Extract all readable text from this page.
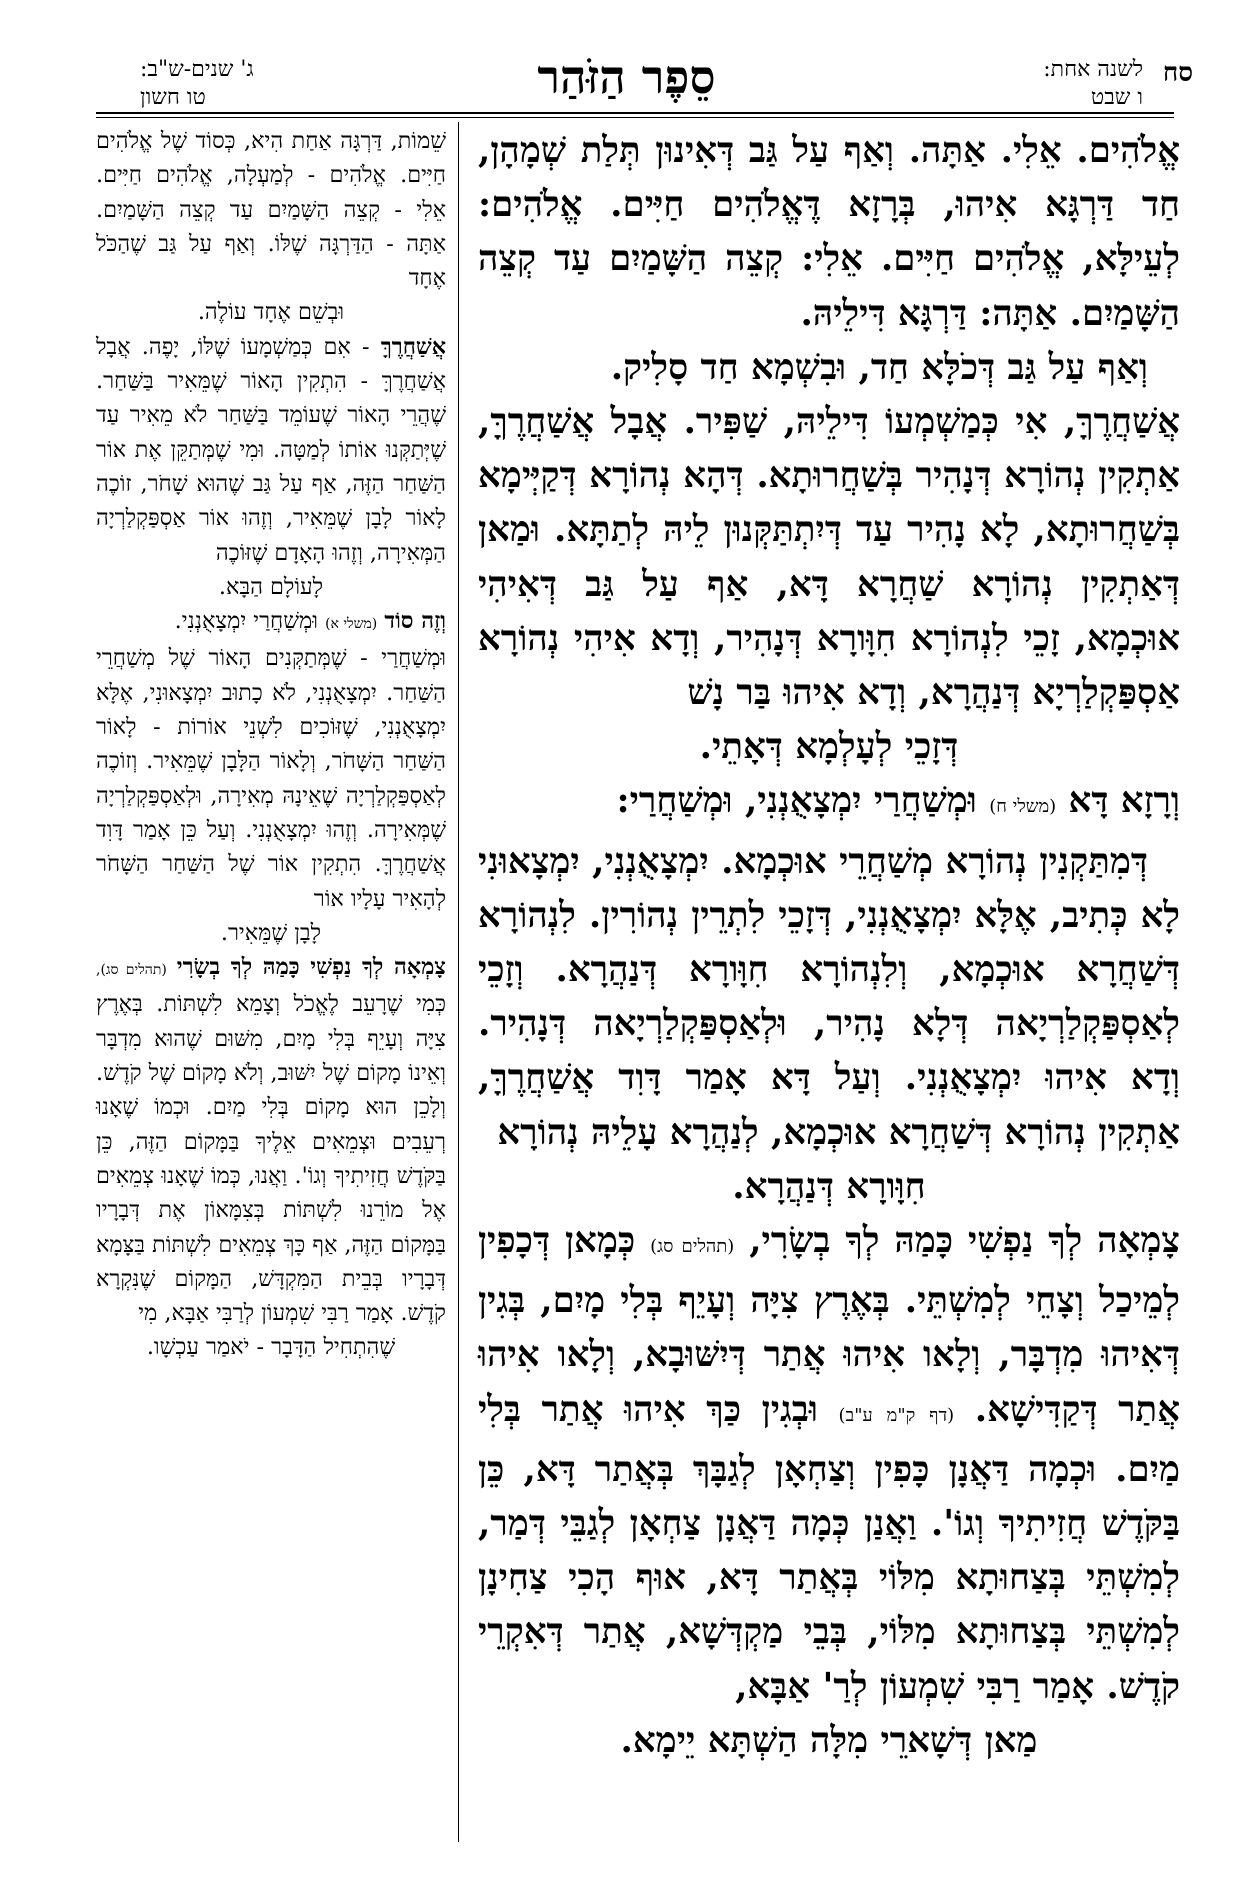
סח
לשנה אחת:
ו שבט
סֵפֶר הַזֹּהַר
ג' שנים-ש"ב:
טו חשון

אֱלֹהִים. אֵלִי. אַתָּה. וְאַף עַל גַּב דְּאִינוּן תְּלַת שְׁמָהָן, חַד דַּרְגָּא אִיהוּ, בְּרָזָא דֶּאֱלֹהִים חַיִּים. אֱלֹהִים: לְעֵילָּא, אֱלֹהִים חַיִּים. אֵלִי: קְצֵה הַשָּׁמַיִם עַד קְצֵה הַשָּׁמַיִם. אַתָּה: דַּרְגָּא דִּילֵיהּ.

וְאַף עַל גַּב דְּכֹלָּא חַד, וּבִשְׁמָא חַד סָלִיק.

אֲשַׁחֲרֶךָּ, אִי כְּמַשְׁמְעוֹ דִּילֵיהּ, שַׁפִּיר. אֲבָל אֲשַׁחֲרֶךָּ, אַתְקִין נְהוֹרָא דְּנָהִיר בְּשַׁחֲרוּתָא. דְּהָא נְהוֹרָא דְּקַיְּימָא בְּשַׁחֲרוּתָא, לָא נָהִיר עַד דְּיִתְתַּקְּנוּן לֵיהּ לְתַתָּא. וּמַאן דְּאַתְקִין נְהוֹרָא שַׁחֲרָא דָּא, אַף עַל גַּב דְּאִיהִי אוּכְמָא, זָכֵי לִנְהוֹרָא חִוָּורָא דְּנָהִיר, וְדָא אִיהִי נְהוֹרָא אַסְפַּקְלַרְיָא דְּנַהֲרָא, וְדָא אִיהוּ בַּר נָשׁ

דְּזָכֵי לְעָלְמָא דְּאָתֵי.

וְרָזָא דָּא (משלי ח) וּמְשַׁחֲרַי יִמְצָאֻנְנִי, וּמְשַׁחֲרַי:

דְּמִתַּקְנִין נְהוֹרָא מְשַׁחֲרֵי אוּכְמָא. יִמְצָאֻנְנִי, יִמְצָאוּנִי לָא כְּתִיב, אֶלָּא יִמְצָאֻנְנִי, דְּזָכֵי לִתְרֵין נְהוֹרִין. לִנְהוֹרָא דְּשַׁחֲרָא אוּכְמָא, וְלִנְהוֹרָא חִוָּורָא דְּנַהֲרָא. וְזָכֵי לְאַסְפַּקְלַרְיָאה דְּלָא נָהִיר, וּלְאַסְפַּקְלַרְיָאה דְּנָהִיר. וְדָא אִיהוּ יִמְצָאֻנְנִי. וְעַל דָּא אָמַר דָּוִד אֲשַׁחֲרֶךָּ, אַתְקִין נְהוֹרָא דְּשַׁחֲרָא אוּכְמָא, לְנַהֲרָא עָלֵיהּ נְהוֹרָא

חִוָּורָא דְּנַהֲרָא.

צָמְאָה לְךָ נַפְשִׁי כָּמַהּ לְךָ בְשָׂרִי, (תהלים סג) כְּמָאן דְּכָפִין לְמֵיכַל וְצָחֵי לְמִשְׁתֵּי. בְּאֶרֶץ צִיָּה וְעָיֵף בְּלִי מָיִם, בְּגִין דְּאִיהוּ מִדְבָּר, וְלָאו אִיהוּ אֲתַר דְּיִשּׁוּבָא, וְלָאו אִיהוּ אֲתַר דְּקַדִּישָׁא. (דף ק"מ ע"ב) וּבְגִין כַּךְ אִיהוּ אֲתַר בְּלִי מַיִם. וּכְמָה דַּאֲנָן כָּפִין וְצַחְאָן לְגַבָּךְ בְּאֲתַר דָּא, כֵּן בַּקֹּדֶשׁ חֲזִיתִיךָ וְגוֹ'. וַאֲנַן כְּמָה דַּאֲנָן צַחְאָן לְגַבֵּי דְּמַר, לְמִשְׁתֵּי בְּצַחוּתָא מִלּוֹי בְּאֲתַר דָּא, אוּף הָכִי צַחִינָן לְמִשְׁתֵּי בְּצַחוּתָא מִלּוֹי, בְּבֵי מַקְדְּשָׁא, אֲתַר דְּאִקְרֵי קֹדֶשׁ. אָמַר רַבִּי שִׁמְעוֹן לְרַ' אַבָּא,

מַאן דְּשָׁארֵי מִלָּה הַשְׁתָּא יֵימָא.

שֵׁמוֹת, דַּרְגָּה אַחַת הִיא, כְּסוֹד שֶׁל אֱלֹהִים חַיִּים. אֱלֹהִים - לְמַעְלָה, אֱלֹהִים חַיִּים. אֵלִי - קְצֵה הַשָּׁמַיִם עַד קְצֵה הַשָּׁמַיִם. אַתָּה - הַדַּרְגָּה שֶׁלּוֹ. וְאַף עַל גַּב שֶׁהַכֹּל אֶחָד

וּבְשֵׁם אֶחָד עוֹלֶה.

אֲשַׁחֲרֶךָּ - אִם כְּמַשְׁמָעוֹ שֶׁלּוֹ, יָפֶה. אֲבָל אֲשַׁחֲרֶךָּ - הִתְקִין הָאוֹר שֶׁמֵּאִיר בַּשַּׁחַר. שֶׁהֲרֵי הָאוֹר שֶׁעוֹמֵד בַּשַּׁחַר לֹא מֵאִיר עַד שֶׁיְּתַקְּנוּ אוֹתוֹ לְמַטָּה. וּמִי שֶׁמְּתַקֵּן אֶת אוֹר הַשַּׁחַר הַזֶּה, אַף עַל גַּב שֶׁהוּא שָׁחֹר, זוֹכֶה לָאוֹר לָבָן שֶׁמֵּאִיר, וְזֶהוּ אוֹר אַסְפַּקְלַרְיָה הַמְּאִירָה, וְזֶהוּ הָאָדָם שֶׁזּוֹכֶה

לָעוֹלָם הַבָּא.

וְזֶה סוֹד (משלי א) וּמְשַׁחֲרַי יִמְצָאֻנְנִי.

וּמְשַׁחֲרַי - שֶׁמְּתַקְּנִים הָאוֹר שֶׁל מְשַׁחֲרֵי הַשַּׁחַר. יִמְצָאֻנְנִי, לֹא כָתוּב יִמְצָאוּנִי, אֶלָּא יִמְצָאֻנְנִי, שֶׁזּוֹכִים לִשְׁנֵי אוֹרוֹת - לָאוֹר הַשַּׁחַר הַשָּׁחֹר, וְלָאוֹר הַלָּבָן שֶׁמֵּאִיר. וְזוֹכֶה לְאַסְפַּקְלַרְיָה שֶׁאֵינָהּ מְאִירָה, וּלְאַסְפַּקְלַרְיָה שֶׁמְּאִירָה. וְזֶהוּ יִמְצָאֻנְנִי. וְעַל כֵּן אָמַר דָּוִד אֲשַׁחֲרֶךָּ. הִתְקִין אוֹר שֶׁל הַשַּׁחַר הַשָּׁחֹר לְהָאִיר עָלָיו אוֹר

לָבָן שֶׁמֵּאִיר.

צָמְאָה לְךָ נַפְשִׁי כָּמַהּ לְךָ בְשָׂרִי (תהלים סג), כְּמִי שֶׁרָעֵב לֶאֱכֹל וְצָמֵא לִשְׁתּוֹת. בְּאֶרֶץ צִיָּה וְעָיֵף בְּלִי מָיִם, מִשּׁוּם שֶׁהוּא מִדְבָּר וְאֵינוֹ מָקוֹם שֶׁל יִשּׁוּב, וְלֹא מָקוֹם שֶׁל קֹדֶשׁ. וְלָכֵן הוּא מָקוֹם בְּלִי מַיִם. וּכְמוֹ שֶׁאָנוּ רְעֵבִים וּצְמֵאִים אֵלֶיךָ בַּמָּקוֹם הַזֶּה, כֵּן בַּקֹּדֶשׁ חֲזִיתִיךָ וְגוֹ'. וַאֲנוּ, כְּמוֹ שֶׁאָנוּ צְמֵאִים אֶל מוֹרֵנוּ לִשְׁתּוֹת בְּצִמָּאוֹן אֶת דְּבָרָיו בַּמָּקוֹם הַזֶּה, אַף כָּךְ צְמֵאִים לִשְׁתּוֹת בַּצָּמָא דְּבָרָיו בְּבֵית הַמִּקְדָּשׁ, הַמָּקוֹם שֶׁנִּקְרָא קֹדֶשׁ. אָמַר רַבִּי שִׁמְעוֹן לְרַבִּי אַבָּא, מִי

שֶׁהִתְחִיל הַדָּבָר - יֹאמַר עַכְשָׁו.
